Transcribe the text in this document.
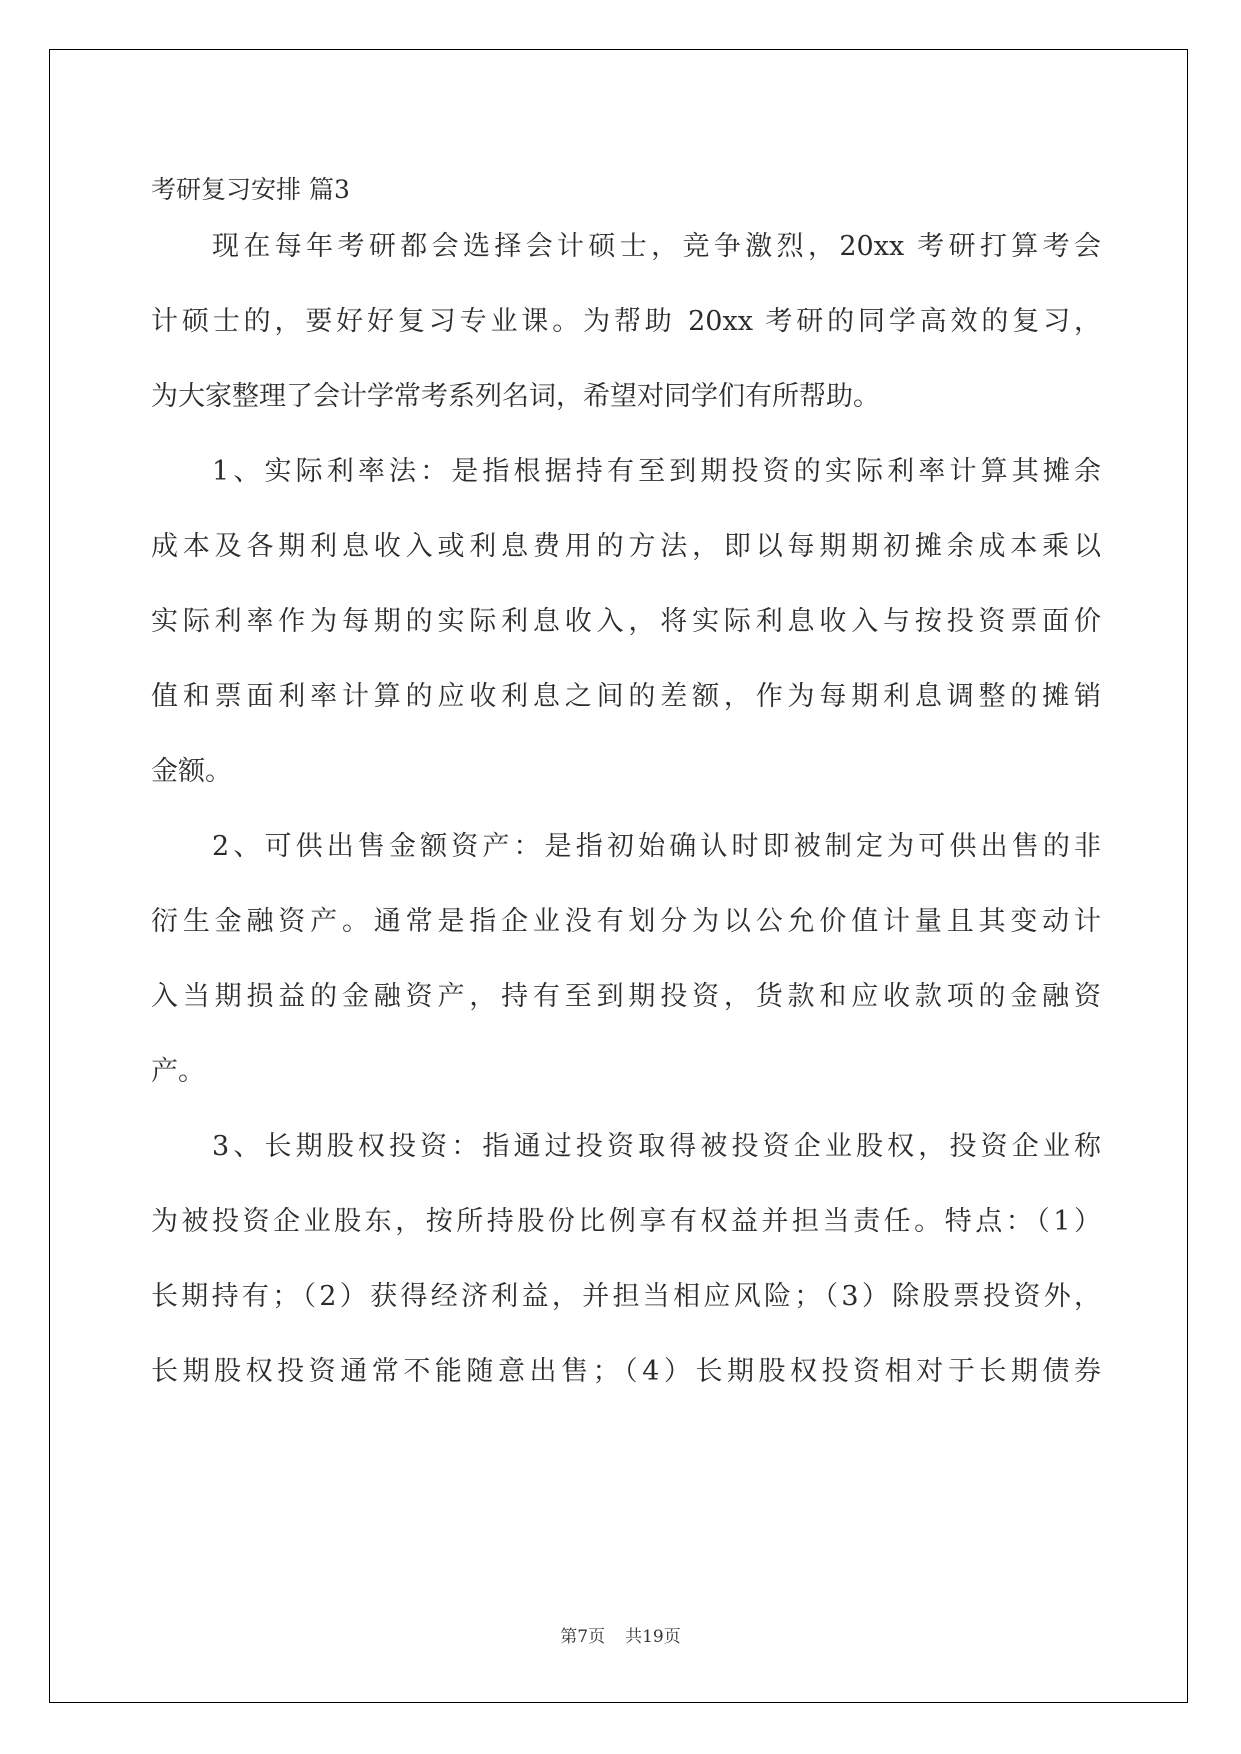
考研复习安排 篇3
现在每年考研都会选择会计硕士，竞争激烈，20xx 考研打算考会
计硕士的，要好好复习专业课。为帮助 20xx 考研的同学高效的复习，
为大家整理了会计学常考系列名词，希望对同学们有所帮助。
1、实际利率法：是指根据持有至到期投资的实际利率计算其摊余
成本及各期利息收入或利息费用的方法，即以每期期初摊余成本乘以
实际利率作为每期的实际利息收入，将实际利息收入与按投资票面价
值和票面利率计算的应收利息之间的差额，作为每期利息调整的摊销
金额。
2、可供出售金额资产：是指初始确认时即被制定为可供出售的非
衍生金融资产。通常是指企业没有划分为以公允价值计量且其变动计
入当期损益的金融资产，持有至到期投资，货款和应收款项的金融资
产。
3、长期股权投资：指通过投资取得被投资企业股权，投资企业称
为被投资企业股东，按所持股份比例享有权益并担当责任。特点：（1）
长期持有；（2）获得经济利益，并担当相应风险；（3）除股票投资外，
长期股权投资通常不能随意出售；（4）长期股权投资相对于长期债券
第7页 共19页
